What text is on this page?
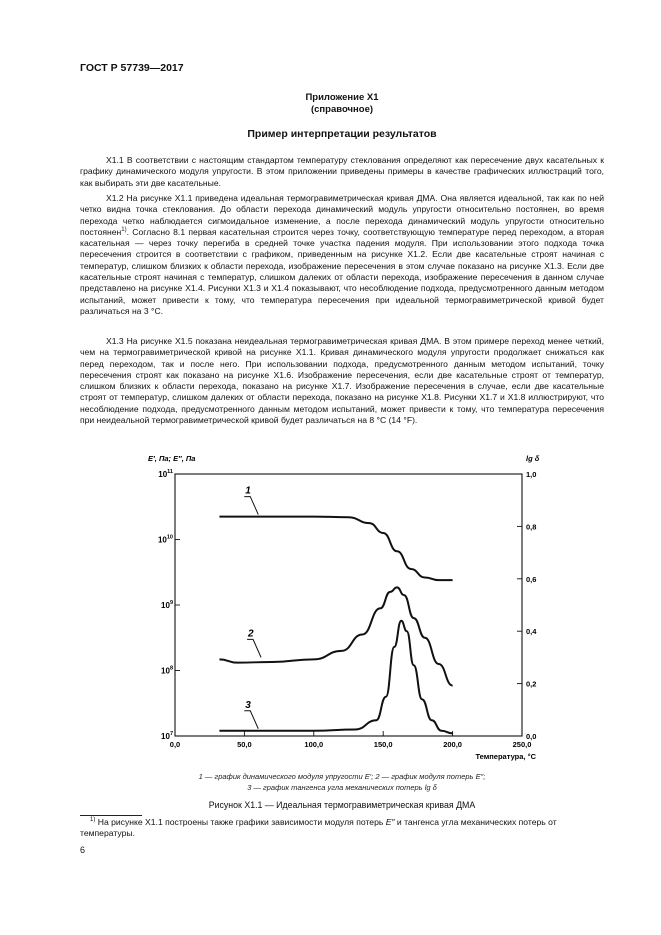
ГОСТ Р 57739—2017
Приложение Х1
(справочное)
Пример интерпретации результатов

Х1.1 В соответствии с настоящим стандартом температуру стеклования определяют как пересечение двух касательных к графику динамического модуля упругости. В этом приложении приведены примеры в качестве графических иллюстраций того, как выбирать эти две касательные.

Х1.2 На рисунке Х1.1 приведена идеальная термогравиметрическая кривая ДМА. Она является идеальной, так как по ней четко видна точка стеклования. До области перехода динамический модуль упругости относительно постоянен, во время перехода четко наблюдается сигмоидальное изменение, а после перехода динамический модуль упругости относительно постоянен$^{1)}$. Согласно 8.1 первая касательная строится через точку, соответствующую температуре перед переходом, а вторая касательная — через точку перегиба в средней точке участка падения модуля. При использовании этого подхода точка пересечения строится в соответствии с графиком, приведенным на рисунке Х1.2. Если две касательные строят начиная с температур, слишком близких к области перехода, изображение пересечения в этом случае показано на рисунке Х1.3. Если две касательные строят начиная с температур, слишком далеких от области перехода, изображение пересечения в данном случае представлено на рисунке Х1.4. Рисунки Х1.3 и Х1.4 показывают, что несоблюдение подхода, предусмотренного данным методом испытаний, может привести к тому, что температура пересечения при идеальной термогравиметрической кривой будет различаться на 3 °С.

Х1.3 На рисунке Х1.5 показана неидеальная термогравиметрическая кривая ДМА. В этом примере переход менее четкий, чем на термогравиметрической кривой на рисунке Х1.1. Кривая динамического модуля упругости продолжает снижаться как перед переходом, так и после него. При использовании подхода, предусмотренного данным методом испытаний, точку пересечения строят как показано на рисунке Х1.6. Изображение пересечения, если две касательные строят от температур, слишком близких к области перехода, показано на рисунке Х1.7. Изображение пересечения в случае, если две касательные строят от температур, слишком далеких от области перехода, показано на рисунке Х1.8. Рисунки Х1.7 и Х1.8 иллюстрируют, что несоблюдение подхода, предусмотренного данным методом испытаний, может привести к тому, что температура пересечения при неидеальной термогравиметрической кривой будет различаться на 8 °С (14 °F).

0,0	50,0	100,0	150,0	200,0	250,0
Температура, °С
$10^7$
$10^8$
$10^9$
$10^{10}$
$10^{11}$
E′, Па; E″, Па
0,0
0,2
0,4
0,6
0,8
1,0
lg δ
1
2
3
1 — график динамического модуля упругости E′; 2 — график модуля потерь E″;
3 — график тангенса угла механических потерь lg δ
Рисунок Х1.1 — Идеальная термогравиметрическая кривая ДМА

$^{1)}$ На рисунке Х1.1 построены также графики зависимости модуля потерь E″ и тангенса угла механических потерь от температуры.

6
